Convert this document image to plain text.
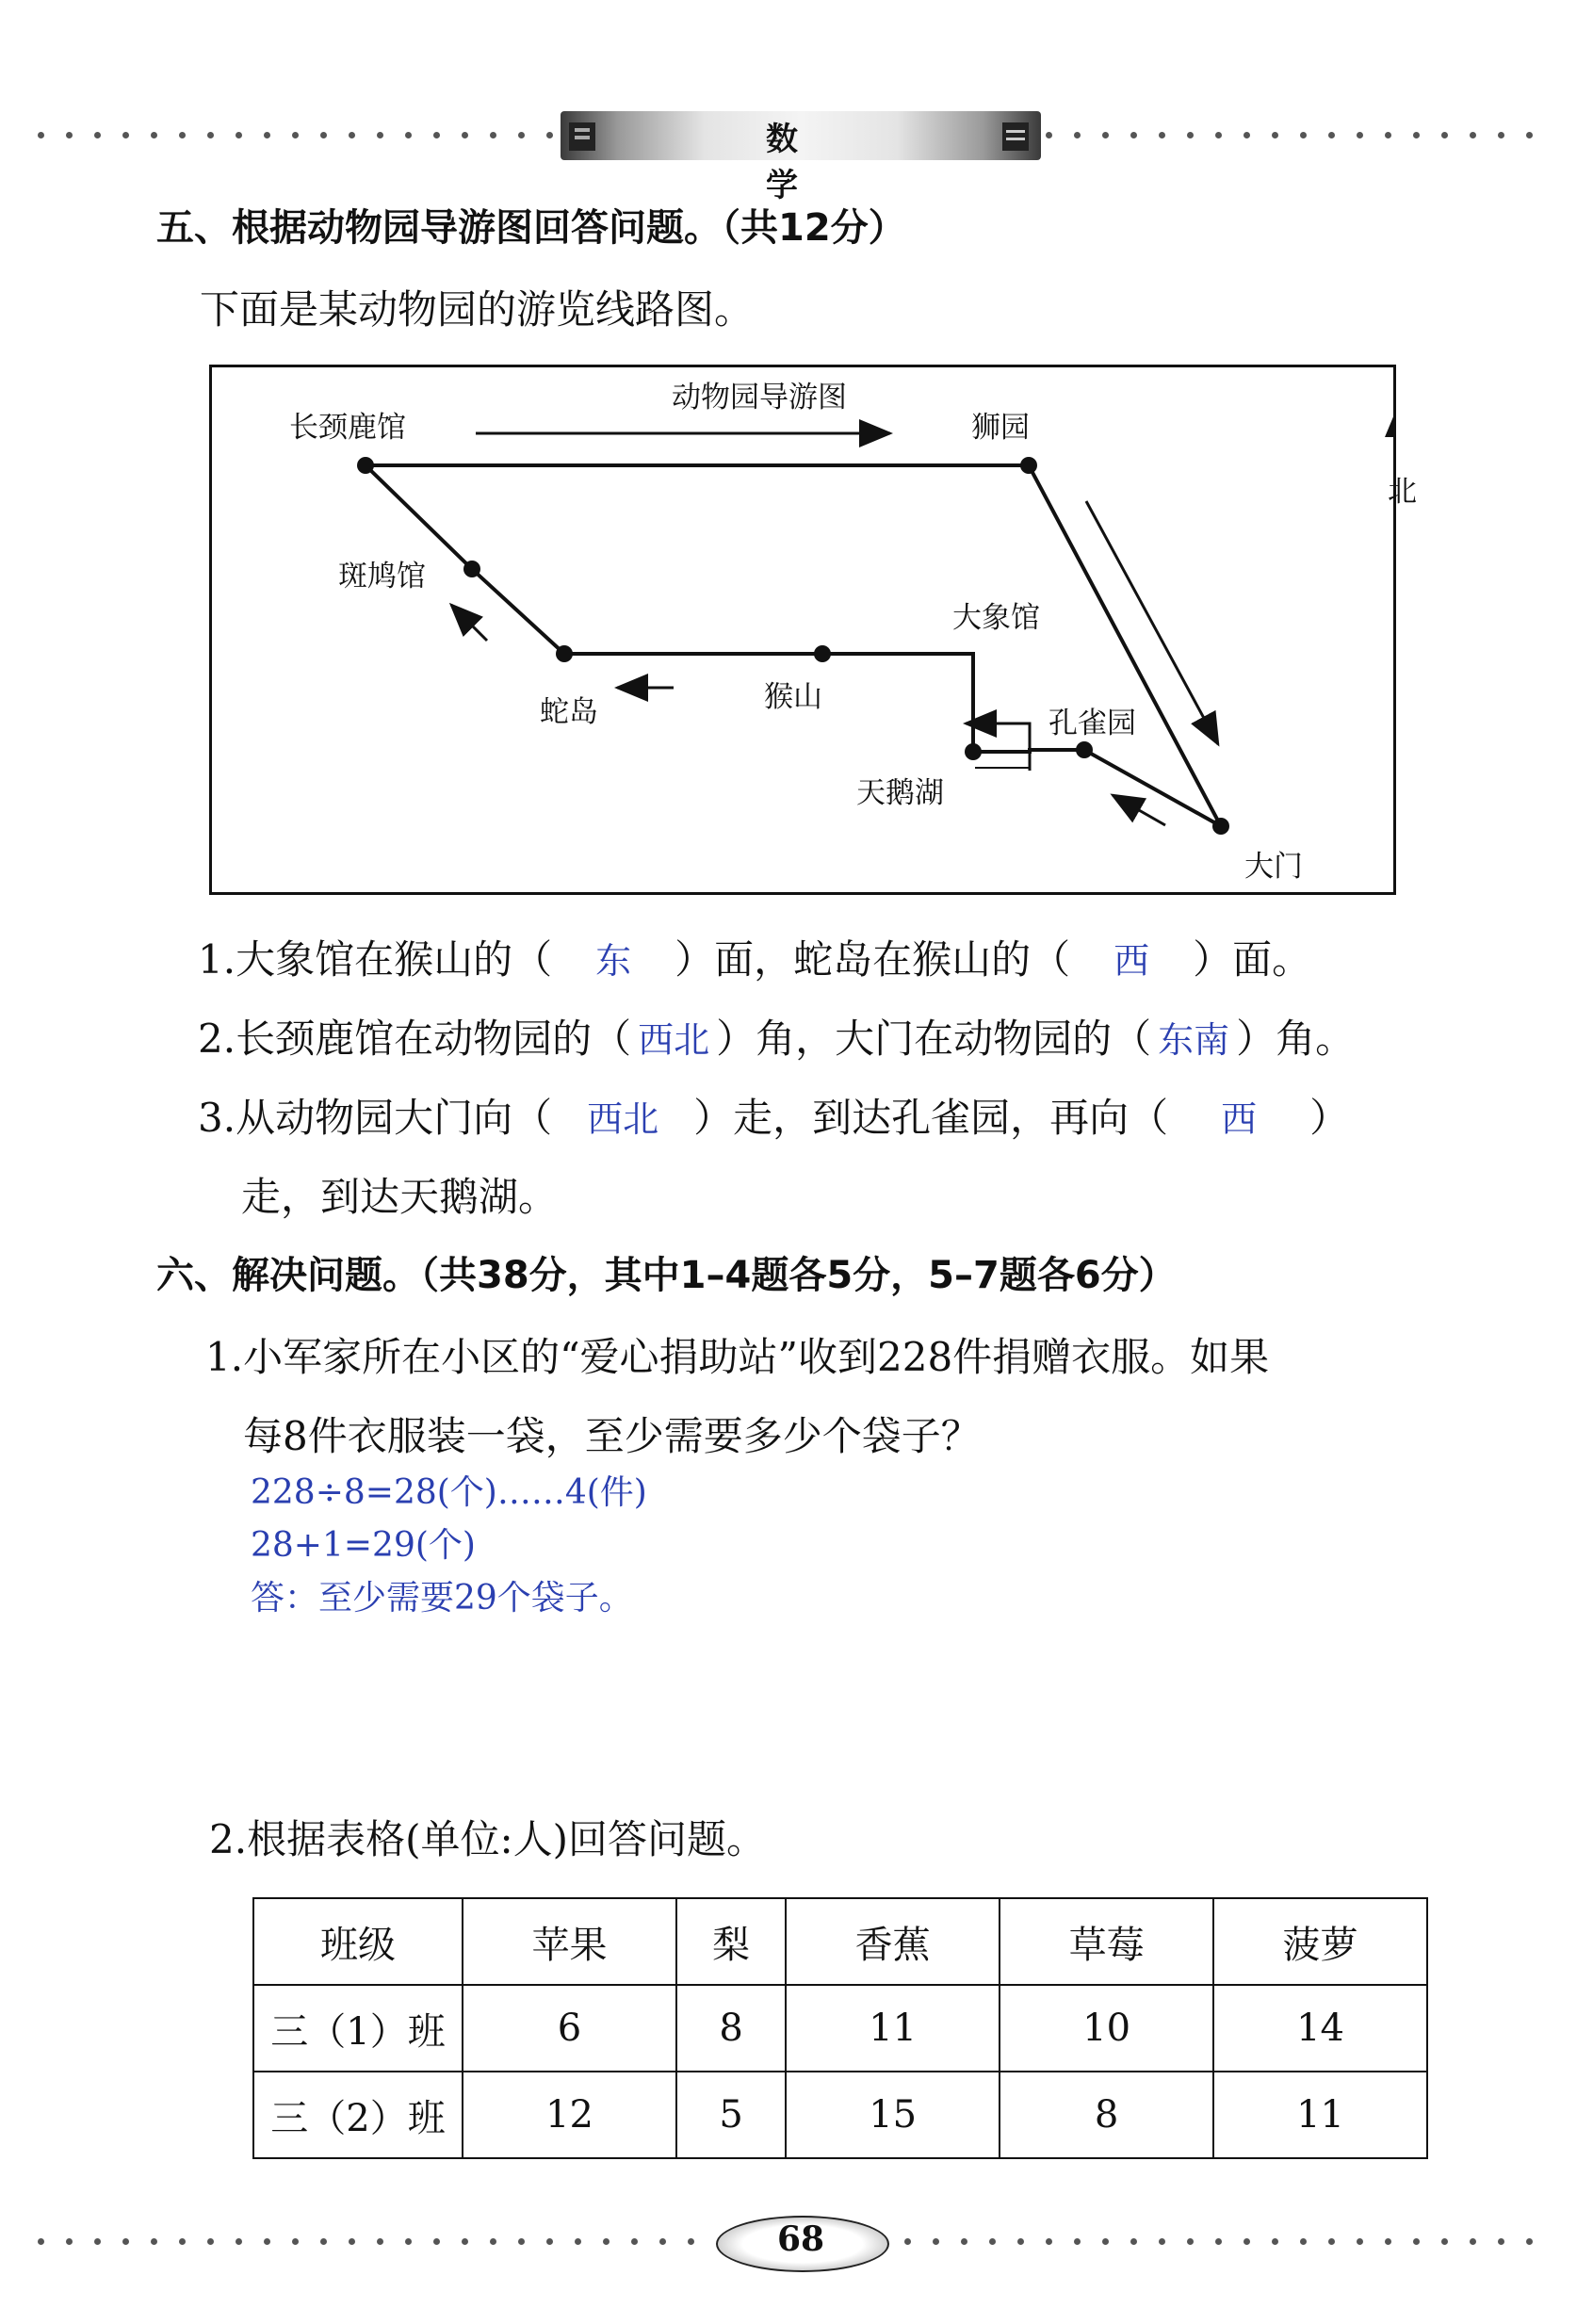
数 学
五、根据动物园导游图回答问题。（共12分）
下面是某动物园的游览线路图。
动物园导游图
北
长颈鹿馆	狮园
斑鸠馆
大象馆
蛇岛	猴山
孔雀园
天鹅湖
大门
1.大象馆在猴山的（ 东 ）面，蛇岛在猴山的（ 西 ）面。
2.长颈鹿馆在动物园的（ 西北 ）角，大门在动物园的（ 东南 ）角。
3.从动物园大门向（ 西北 ）走，到达孔雀园，再向（ 西 ）
走，到达天鹅湖。
六、解决问题。（共38分，其中1–4题各5分，5–7题各6分）
1.小军家所在小区的“爱心捐助站”收到228件捐赠衣服。如果
每8件衣服装一袋，至少需要多少个袋子？
228÷8=28(个)……4(件)
28+1=29(个)
答：至少需要29个袋子。
2.根据表格(单位:人)回答问题。
班级	苹果	梨	香蕉	草莓	菠萝
三（1）班	6	8	11	10	14
三（2）班	12	5	15	8	11
68
